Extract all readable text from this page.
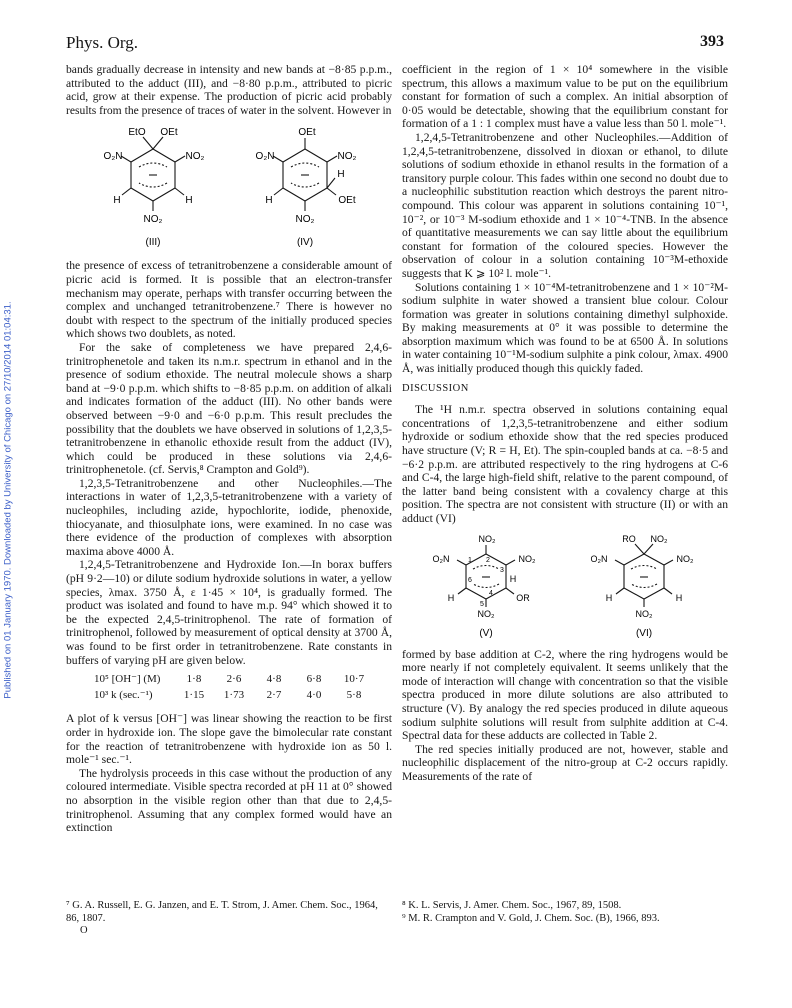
Phys. Org.	393
Published on 01 January 1970. Downloaded by University of Chicago on 27/10/2014 01:04:31.

bands gradually decrease in intensity and new bands at −8·85 p.p.m., attributed to the adduct (III), and −8·80 p.p.m., attributed to picric acid, grow at their expense. The production of picric acid probably results from the presence of traces of water in the solvent. However in

EtO OEt
O₂N	NO₂
H	H
NO₂
(III)
OEt
O₂N	NO₂
H
OEt
H
NO₂
(IV)

the presence of excess of tetranitrobenzene a considerable amount of picric acid is formed. It is possible that an electron-transfer mechanism may operate, perhaps with transfer occurring between the complex and unchanged tetranitrobenzene.⁷ There is however no doubt with respect to the spectrum of the initially produced species which shows two doublets, as noted.

For the sake of completeness we have prepared 2,4,6-trinitrophenetole and taken its n.m.r. spectrum in ethanol and in the presence of sodium ethoxide. The neutral molecule shows a sharp band at −9·0 p.p.m. which shifts to −8·85 p.p.m. on addition of alkali and indicates formation of the adduct (III). No other bands were observed between −9·0 and −6·0 p.p.m. This result precludes the possibility that the doublets we have observed in solutions of 1,2,3,5-tetranitrobenzene in ethanolic ethoxide result from the adduct (IV), which could be produced in these solutions via 2,4,6-trinitrophenetole. (cf. Servis,⁸ Crampton and Gold⁹).

1,2,3,5-Tetranitrobenzene and other Nucleophiles.—The interactions in water of 1,2,3,5-tetranitrobenzene with a variety of nucleophiles, including azide, hypochlorite, iodide, phenoxide, thiocyanate, and thiosulphate ions, were examined. In no case was there evidence of the production of complexes with absorption maxima above 4000 Å.

1,2,4,5-Tetranitrobenzene and Hydroxide Ion.—In borax buffers (pH 9·2—10) or dilute sodium hydroxide solutions in water, a yellow species, λmax. 3750 Å, ε 1·45 × 10⁴, is gradually formed. The product was isolated and found to have m.p. 94° which showed it to be the expected 2,4,5-trinitrophenol. The rate of formation of trinitrophenol, followed by measurement of optical density at 3700 Å, was found to be first order in tetranitrobenzene. Rate constants in buffers of varying pH are given below.

10⁵ [OH⁻] (M)	1·8	2·6	4·8	6·8	10·7
10³ k (sec.⁻¹)	1·15	1·73	2·7	4·0	5·8

A plot of k versus [OH⁻] was linear showing the reaction to be first order in hydroxide ion. The slope gave the bimolecular rate constant for the reaction of tetranitrobenzene with hydroxide ion as 50 l. mole⁻¹ sec.⁻¹.

The hydrolysis proceeds in this case without the production of any coloured intermediate. Visible spectra recorded at pH 11 at 0° showed no absorption in the visible region other than that due to 2,4,5-trinitrophenol. Assuming that any complex formed would have an extinction

coefficient in the region of 1 × 10⁴ somewhere in the visible spectrum, this allows a maximum value to be put on the equilibrium constant for formation of such a complex. An initial absorption of 0·05 would be detectable, showing that the equilibrium constant for formation of a 1 : 1 complex must have a value less than 50 l. mole⁻¹.

1,2,4,5-Tetranitrobenzene and other Nucleophiles.—Addition of 1,2,4,5-tetranitrobenzene, dissolved in dioxan or ethanol, to dilute solutions of sodium ethoxide in ethanol results in the formation of a transitory purple colour. This fades within one second no doubt due to a nucleophilic substitution reaction which destroys the parent nitro-compound. This colour was apparent in solutions containing 10⁻¹, 10⁻², or 10⁻³ M-sodium ethoxide and 1 × 10⁻⁴-TNB. In the absence of quantitative measurements we can say little about the equilibrium constant for formation of the coloured species. However the observation of colour in a solution containing 10⁻³M-ethoxide suggests that K ⩾ 10² l. mole⁻¹.

Solutions containing 1 × 10⁻⁴M-tetranitrobenzene and 1 × 10⁻²M-sodium sulphite in water showed a transient blue colour. Colour formation was greater in solutions containing dimethyl sulphoxide. By making measurements at 0° it was possible to determine the absorption maximum which was found to be at 6500 Å. In solutions in water containing 10⁻¹M-sodium sulphite a pink colour, λmax. 4900 Å, was initially produced though this quickly faded.

DISCUSSION

The ¹H n.m.r. spectra observed in solutions containing equal concentrations of 1,2,3,5-tetranitrobenzene and either sodium hydroxide or sodium ethoxide show that the red species produced have structure (V; R = H, Et). The spin-coupled bands at ca. −8·5 and −6·2 p.p.m. are attributed respectively to the ring hydrogens at C-6 and C-4, the large high-field shift, relative to the parent compound, of the latter band being consistent with a covalency charge at this position. The spectra are not consistent with structure (II) or with an adduct (VI)

NO₂
O₂N	NO₂
H
H	OR
NO₂
1 2
3
4
5
6
(V)
RO NO₂
O₂N	NO₂
H	H
NO₂
(VI)

formed by base addition at C-2, where the ring hydrogens would be more nearly if not completely equivalent. It seems unlikely that the mode of interaction will change with concentration so that the visible spectra produced in more dilute solutions are also attributed to structure (V). By analogy the red species produced in dilute aqueous sodium sulphite solutions will result from sulphite addition at C-4. Spectral data for these adducts are collected in Table 2.

The red species initially produced are not, however, stable and nucleophilic displacement of the nitro-group at C-2 occurs rapidly. Measurements of the rate of

⁷ G. A. Russell, E. G. Janzen, and E. T. Strom, J. Amer. Chem. Soc., 1964, 86, 1807.

O

⁸ K. L. Servis, J. Amer. Chem. Soc., 1967, 89, 1508.

⁹ M. R. Crampton and V. Gold, J. Chem. Soc. (B), 1966, 893.
